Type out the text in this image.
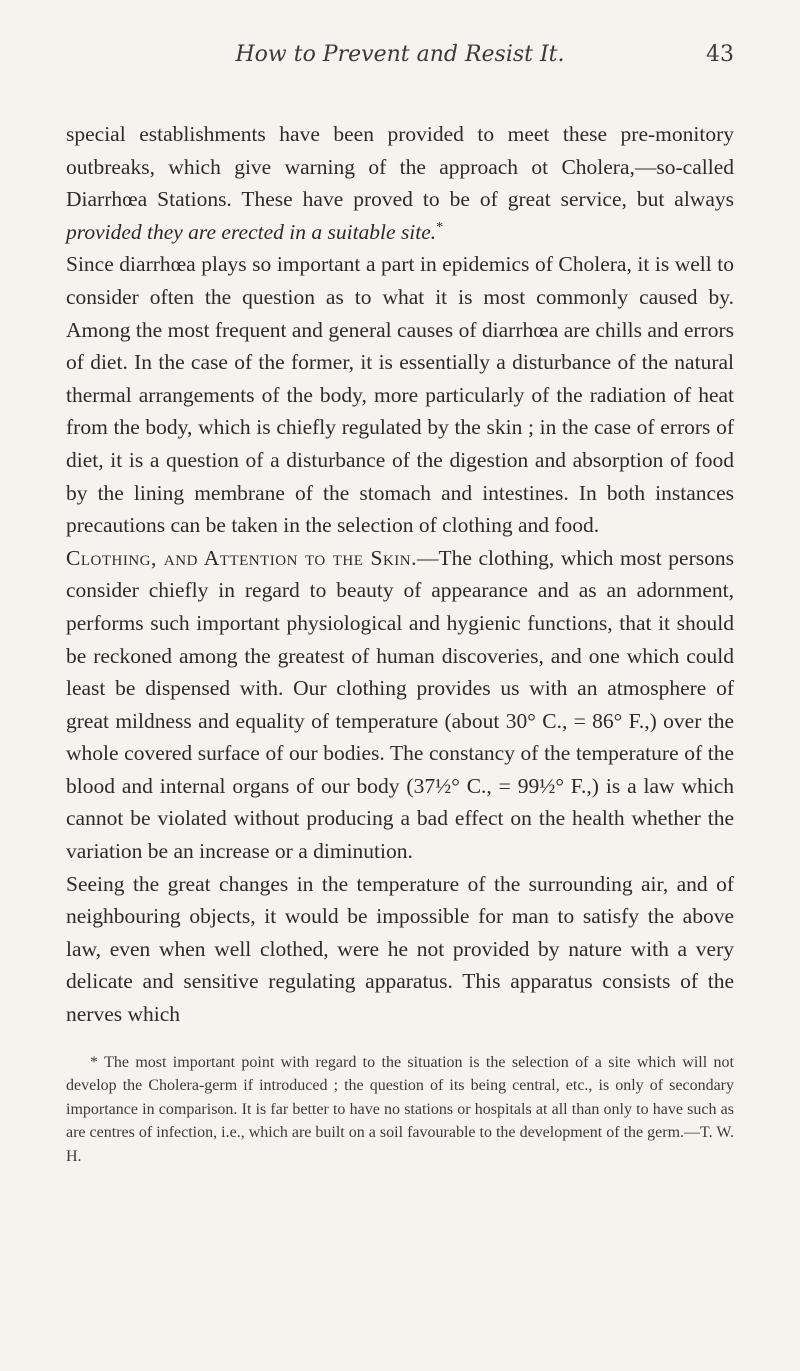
How to Prevent and Resist It.	43

special establishments have been provided to meet these pre-monitory outbreaks, which give warning of the approach ot Cholera,—so-called Diarrhœa Stations. These have proved to be of great service, but always provided they are erected in a suitable site.*

Since diarrhœa plays so important a part in epidemics of Cholera, it is well to consider often the question as to what it is most commonly caused by. Among the most frequent and general causes of diarrhœa are chills and errors of diet. In the case of the former, it is essentially a disturbance of the natural thermal arrangements of the body, more particularly of the radiation of heat from the body, which is chiefly regulated by the skin ; in the case of errors of diet, it is a question of a disturbance of the digestion and absorption of food by the lining membrane of the stomach and intestines. In both instances precautions can be taken in the selection of clothing and food.

Clothing, and Attention to the Skin.—The clothing, which most persons consider chiefly in regard to beauty of appearance and as an adornment, performs such important physiological and hygienic functions, that it should be reckoned among the greatest of human discoveries, and one which could least be dispensed with. Our clothing provides us with an atmosphere of great mildness and equality of temperature (about 30° C., = 86° F.,) over the whole covered surface of our bodies. The constancy of the temperature of the blood and internal organs of our body (37½° C., = 99½° F.,) is a law which cannot be violated without producing a bad effect on the health whether the variation be an increase or a diminution.

Seeing the great changes in the temperature of the surrounding air, and of neighbouring objects, it would be impossible for man to satisfy the above law, even when well clothed, were he not provided by nature with a very delicate and sensitive regulating apparatus. This apparatus consists of the nerves which

* The most important point with regard to the situation is the selection of a site which will not develop the Cholera-germ if introduced ; the question of its being central, etc., is only of secondary importance in comparison. It is far better to have no stations or hospitals at all than only to have such as are centres of infection, i.e., which are built on a soil favourable to the development of the germ.—T. W. H.
